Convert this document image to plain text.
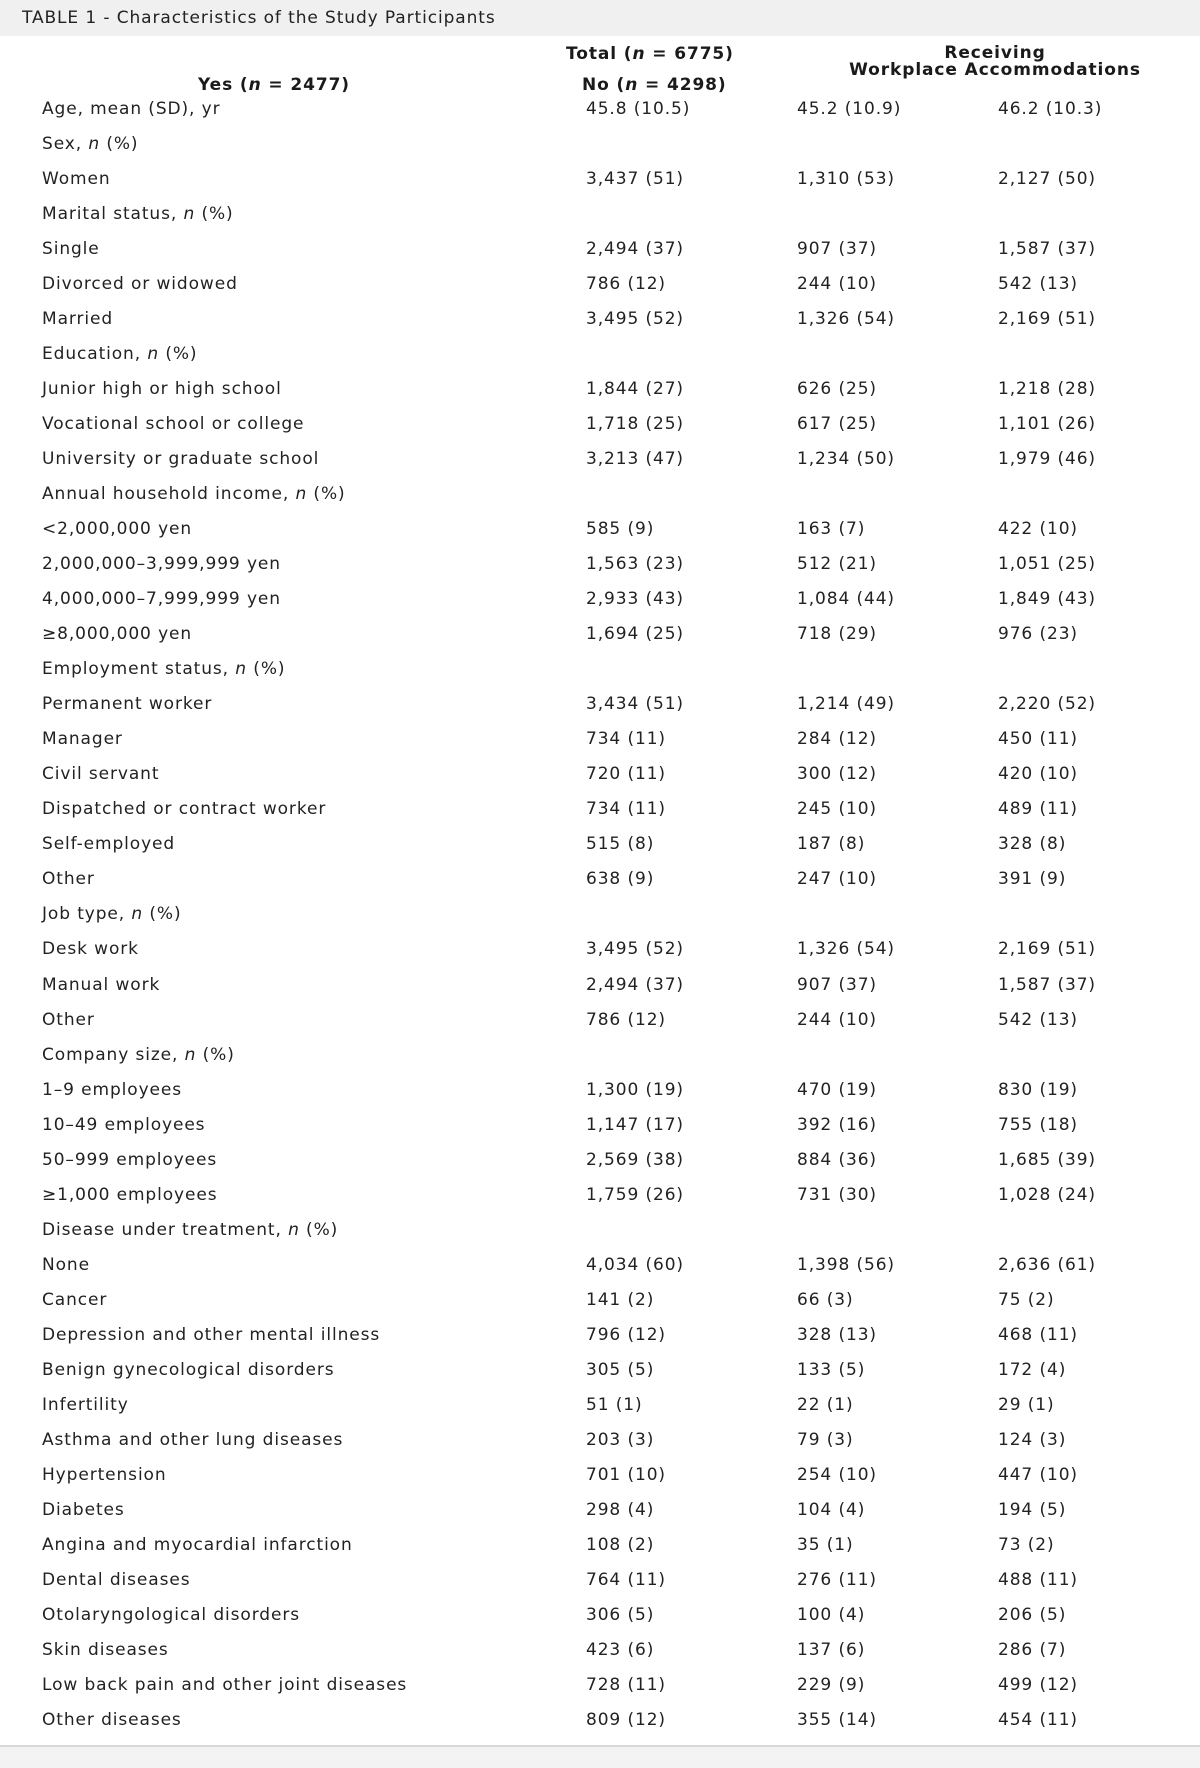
TABLE 1 - Characteristics of the Study Participants
Total (n = 6775)	Receiving
Workplace Accommodations
Yes (n = 2477)	No (n = 4298)
Age, mean (SD), yr	45.8 (10.5)	45.2 (10.9)	46.2 (10.3)
Sex, n (%)
Women	3,437 (51)	1,310 (53)	2,127 (50)
Marital status, n (%)
Single	2,494 (37)	907 (37)	1,587 (37)
Divorced or widowed	786 (12)	244 (10)	542 (13)
Married	3,495 (52)	1,326 (54)	2,169 (51)
Education, n (%)
Junior high or high school	1,844 (27)	626 (25)	1,218 (28)
Vocational school or college	1,718 (25)	617 (25)	1,101 (26)
University or graduate school	3,213 (47)	1,234 (50)	1,979 (46)
Annual household income, n (%)
<2,000,000 yen	585 (9)	163 (7)	422 (10)
2,000,000–3,999,999 yen	1,563 (23)	512 (21)	1,051 (25)
4,000,000–7,999,999 yen	2,933 (43)	1,084 (44)	1,849 (43)
≥8,000,000 yen	1,694 (25)	718 (29)	976 (23)
Employment status, n (%)
Permanent worker	3,434 (51)	1,214 (49)	2,220 (52)
Manager	734 (11)	284 (12)	450 (11)
Civil servant	720 (11)	300 (12)	420 (10)
Dispatched or contract worker	734 (11)	245 (10)	489 (11)
Self-employed	515 (8)	187 (8)	328 (8)
Other	638 (9)	247 (10)	391 (9)
Job type, n (%)
Desk work	3,495 (52)	1,326 (54)	2,169 (51)
Manual work	2,494 (37)	907 (37)	1,587 (37)
Other	786 (12)	244 (10)	542 (13)
Company size, n (%)
1–9 employees	1,300 (19)	470 (19)	830 (19)
10–49 employees	1,147 (17)	392 (16)	755 (18)
50–999 employees	2,569 (38)	884 (36)	1,685 (39)
≥1,000 employees	1,759 (26)	731 (30)	1,028 (24)
Disease under treatment, n (%)
None	4,034 (60)	1,398 (56)	2,636 (61)
Cancer	141 (2)	66 (3)	75 (2)
Depression and other mental illness	796 (12)	328 (13)	468 (11)
Benign gynecological disorders	305 (5)	133 (5)	172 (4)
Infertility	51 (1)	22 (1)	29 (1)
Asthma and other lung diseases	203 (3)	79 (3)	124 (3)
Hypertension	701 (10)	254 (10)	447 (10)
Diabetes	298 (4)	104 (4)	194 (5)
Angina and myocardial infarction	108 (2)	35 (1)	73 (2)
Dental diseases	764 (11)	276 (11)	488 (11)
Otolaryngological disorders	306 (5)	100 (4)	206 (5)
Skin diseases	423 (6)	137 (6)	286 (7)
Low back pain and other joint diseases	728 (11)	229 (9)	499 (12)
Other diseases	809 (12)	355 (14)	454 (11)
